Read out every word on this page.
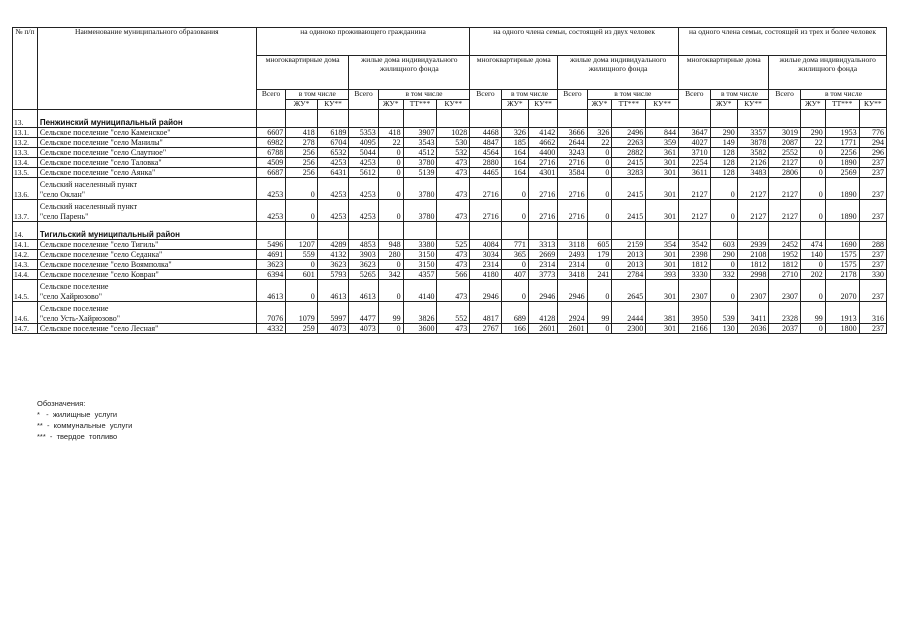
№ п/п	Наименование муниципального образования	на одиноко проживающего гражданина							на одного члена семьи, состоящей из двух человек							на одного члена семьи, состоящей из трех и более человек						
		многоквартирные дома			жилые дома индивидуального жилищного фонда				многоквартирные дома			жилые дома индивидуального жилищного фонда				многоквартирные дома			жилые дома индивидуального жилищного фонда			
		Всего	в том числе		Всего	в том числе			Всего	в том числе		Всего	в том числе			Всего	в том числе		Всего	в том числе		
			ЖУ*	КУ**		ЖУ*	ТТ***	КУ**		ЖУ*	КУ**		ЖУ*	ТТ***	КУ**		ЖУ*	КУ**		ЖУ*	ТТ***	КУ**
13.	Пенжинский муниципальный район																					

13.1.	Сельское поселение "село Каменское"	6607	418	6189	5353	418	3907	1028	4468	326	4142	3666	326	2496	844	3647	290	3357	3019	290	1953	776
13.2.	Сельское поселение "село Манилы"	6982	278	6704	4095	22	3543	530	4847	185	4662	2644	22	2263	359	4027	149	3878	2087	22	1771	294
13.3.	Сельское поселение "село Слаутное"	6788	256	6532	5044	0	4512	532	4564	164	4400	3243	0	2882	361	3710	128	3582	2552	0	2256	296
13.4.	Сельское поселение "село Таловка"	4509	256	4253	4253	0	3780	473	2880	164	2716	2716	0	2415	301	2254	128	2126	2127	0	1890	237
13.5.	Сельское поселение "село Аянка"	6687	256	6431	5612	0	5139	473	4465	164	4301	3584	0	3283	301	3611	128	3483	2806	0	2569	237
13.6.	Сельский населенный пункт	4253	0	4253	4253	0	3780	473	2716	0	2716	2716	0	2415	301	2127	0	2127	2127	0	1890	237
	"село Оклан"																					
13.7.	Сельский населенный пункт	4253	0	4253	4253	0	3780	473	2716	0	2716	2716	0	2415	301	2127	0	2127	2127	0	1890	237
	"село Парень"																					
14.	Тигильский муниципальный район																					

14.1.	Сельское поселение "село Тигиль"	5496	1207	4289	4853	948	3380	525	4084	771	3313	3118	605	2159	354	3542	603	2939	2452	474	1690	288
14.2.	Сельское поселение "село Седанка"	4691	559	4132	3903	280	3150	473	3034	365	2669	2493	179	2013	301	2398	290	2108	1952	140	1575	237
14.3.	Сельское поселение "село Воямполка"	3623	0	3623	3623	0	3150	473	2314	0	2314	2314	0	2013	301	1812	0	1812	1812	0	1575	237
14.4.	Сельское поселение "село Ковран"	6394	601	5793	5265	342	4357	566	4180	407	3773	3418	241	2784	393	3330	332	2998	2710	202	2178	330
14.5.	Сельское поселение	4613	0	4613	4613	0	4140	473	2946	0	2946	2946	0	2645	301	2307	0	2307	2307	0	2070	237
	"село Хайрюзово"																					
14.6.	Сельское поселение	7076	1079	5997	4477	99	3826	552	4817	689	4128	2924	99	2444	381	3950	539	3411	2328	99	1913	316
	"село Усть-Хайрюзово"																					
14.7.	Сельское поселение "село Лесная"	4332	259	4073	4073	0	3600	473	2767	166	2601	2601	0	2300	301	2166	130	2036	2037	0	1800	237
Обозначения:
*   -  жилищные  услуги
**  -  коммунальные  услуги
***  -  твердое  топливо
